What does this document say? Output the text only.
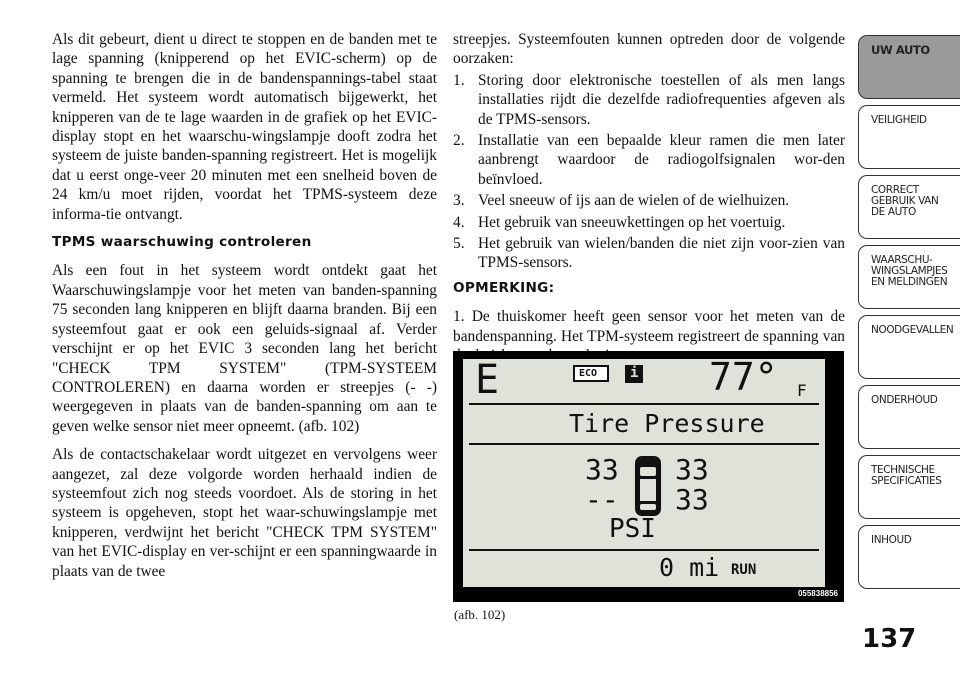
Als dit gebeurt, dient u direct te stoppen en de banden met te lage spanning (knipperend op het EVIC-scherm) op de spanning te brengen die in de bandenspannings-tabel staat vermeld. Het systeem wordt automatisch bijgewerkt, het knipperen van de te lage waarden in de grafiek op het EVIC-display stopt en het waarschu-wingslampje dooft zodra het systeem de juiste banden-spanning registreert. Het is mogelijk dat u eerst onge-veer 20 minuten met een snelheid boven de 24 km/u moet rijden, voordat het TPMS-systeem deze informa-tie ontvangt.

TPMS waarschuwing controleren

Als een fout in het systeem wordt ontdekt gaat het Waarschuwingslampje voor het meten van banden-spanning 75 seconden lang knipperen en blijft daarna branden. Bij een systeemfout gaat er ook een geluids-signaal af. Verder verschijnt er op het EVIC 3 seconden lang het bericht "CHECK TPM SYSTEM" (TPM-SYSTEEM CONTROLEREN) en daarna worden er streepjes (- -) weergegeven in plaats van de banden-spanning om aan te geven welke sensor niet meer opneemt. (afb. 102)

Als de contactschakelaar wordt uitgezet en vervolgens weer aangezet, zal deze volgorde worden herhaald indien de systeemfout zich nog steeds voordoet. Als de storing in het systeem is opgeheven, stopt het waar-schuwingslampje met knipperen, verdwijnt het bericht "CHECK TPM SYSTEM" van het EVIC-display en ver-schijnt er een spanningwaarde in plaats van de twee

streepjes. Systeemfouten kunnen optreden door de volgende oorzaken:

1. Storing door elektronische toestellen of als men langs installaties rijdt die dezelfde radiofrequenties afgeven als de TPMS-sensors.
2. Installatie van een bepaalde kleur ramen die men later aanbrengt waardoor de radiogolfsignalen wor-den beïnvloed.
3. Veel sneeuw of ijs aan de wielen of de wielhuizen.
4. Het gebruik van sneeuwkettingen op het voertuig.
5. Het gebruik van wielen/banden die niet zijn voor-zien van TPMS-sensors.

OPMERKING:

1. De thuiskomer heeft geen sensor voor het meten van de bandenspanning. Het TPM-systeem registreert de spanning van

E	ECO i 77° F
Tire Pressure
33 33
-- 33
PSI
0 mi RUN
055838856
(afb. 102)
137
UW AUTO
VEILIGHEID
CORRECT
GEBRUIK VAN
DE AUTO
WAARSCHU-
WINGSLAMPJES
EN MELDINGEN
NOODGEVALLEN
ONDERHOUD
TECHNISCHE
SPECIFICATIES
INHOUD
